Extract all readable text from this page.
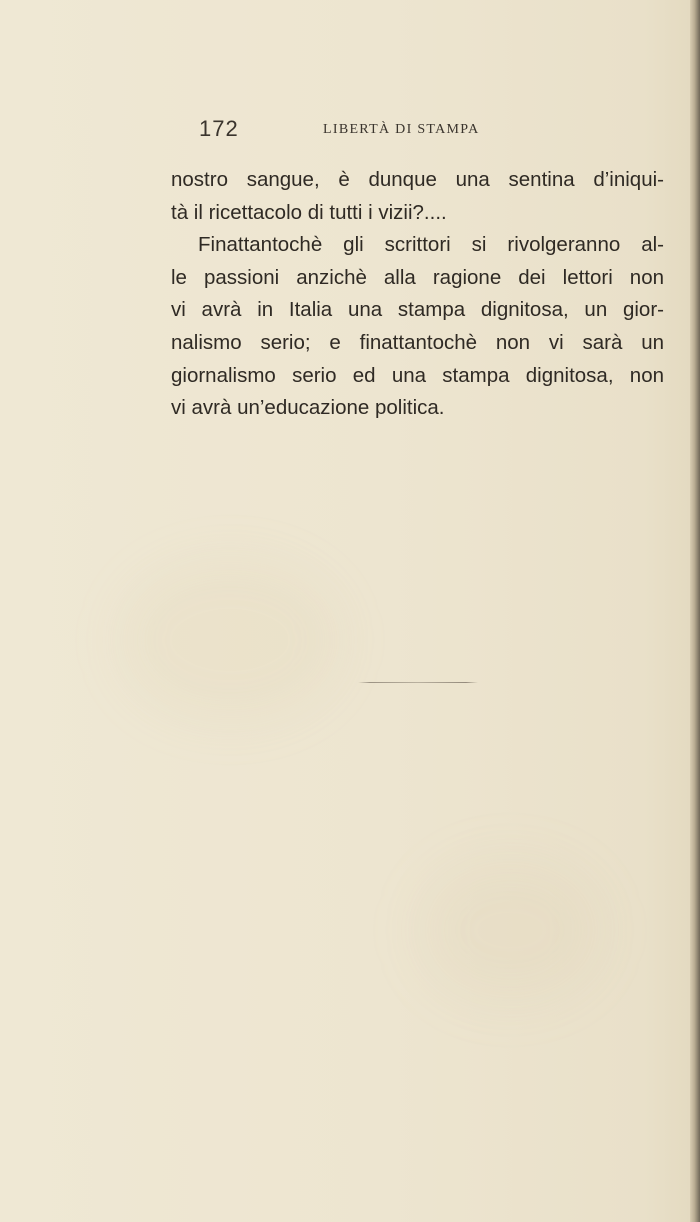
172	LIBERTÀ DI STAMPA

nostro sangue, è dunque una sentina d’iniqui-
tà il ricettacolo di tutti i vizii?....
Finattantochè gli scrittori si rivolgeranno al-
le passioni anzichè alla ragione dei lettori non
vi avrà in Italia una stampa dignitosa, un gior-
nalismo serio; e finattantochè non vi sarà un
giornalismo serio ed una stampa dignitosa, non
vi avrà un’educazione politica.
